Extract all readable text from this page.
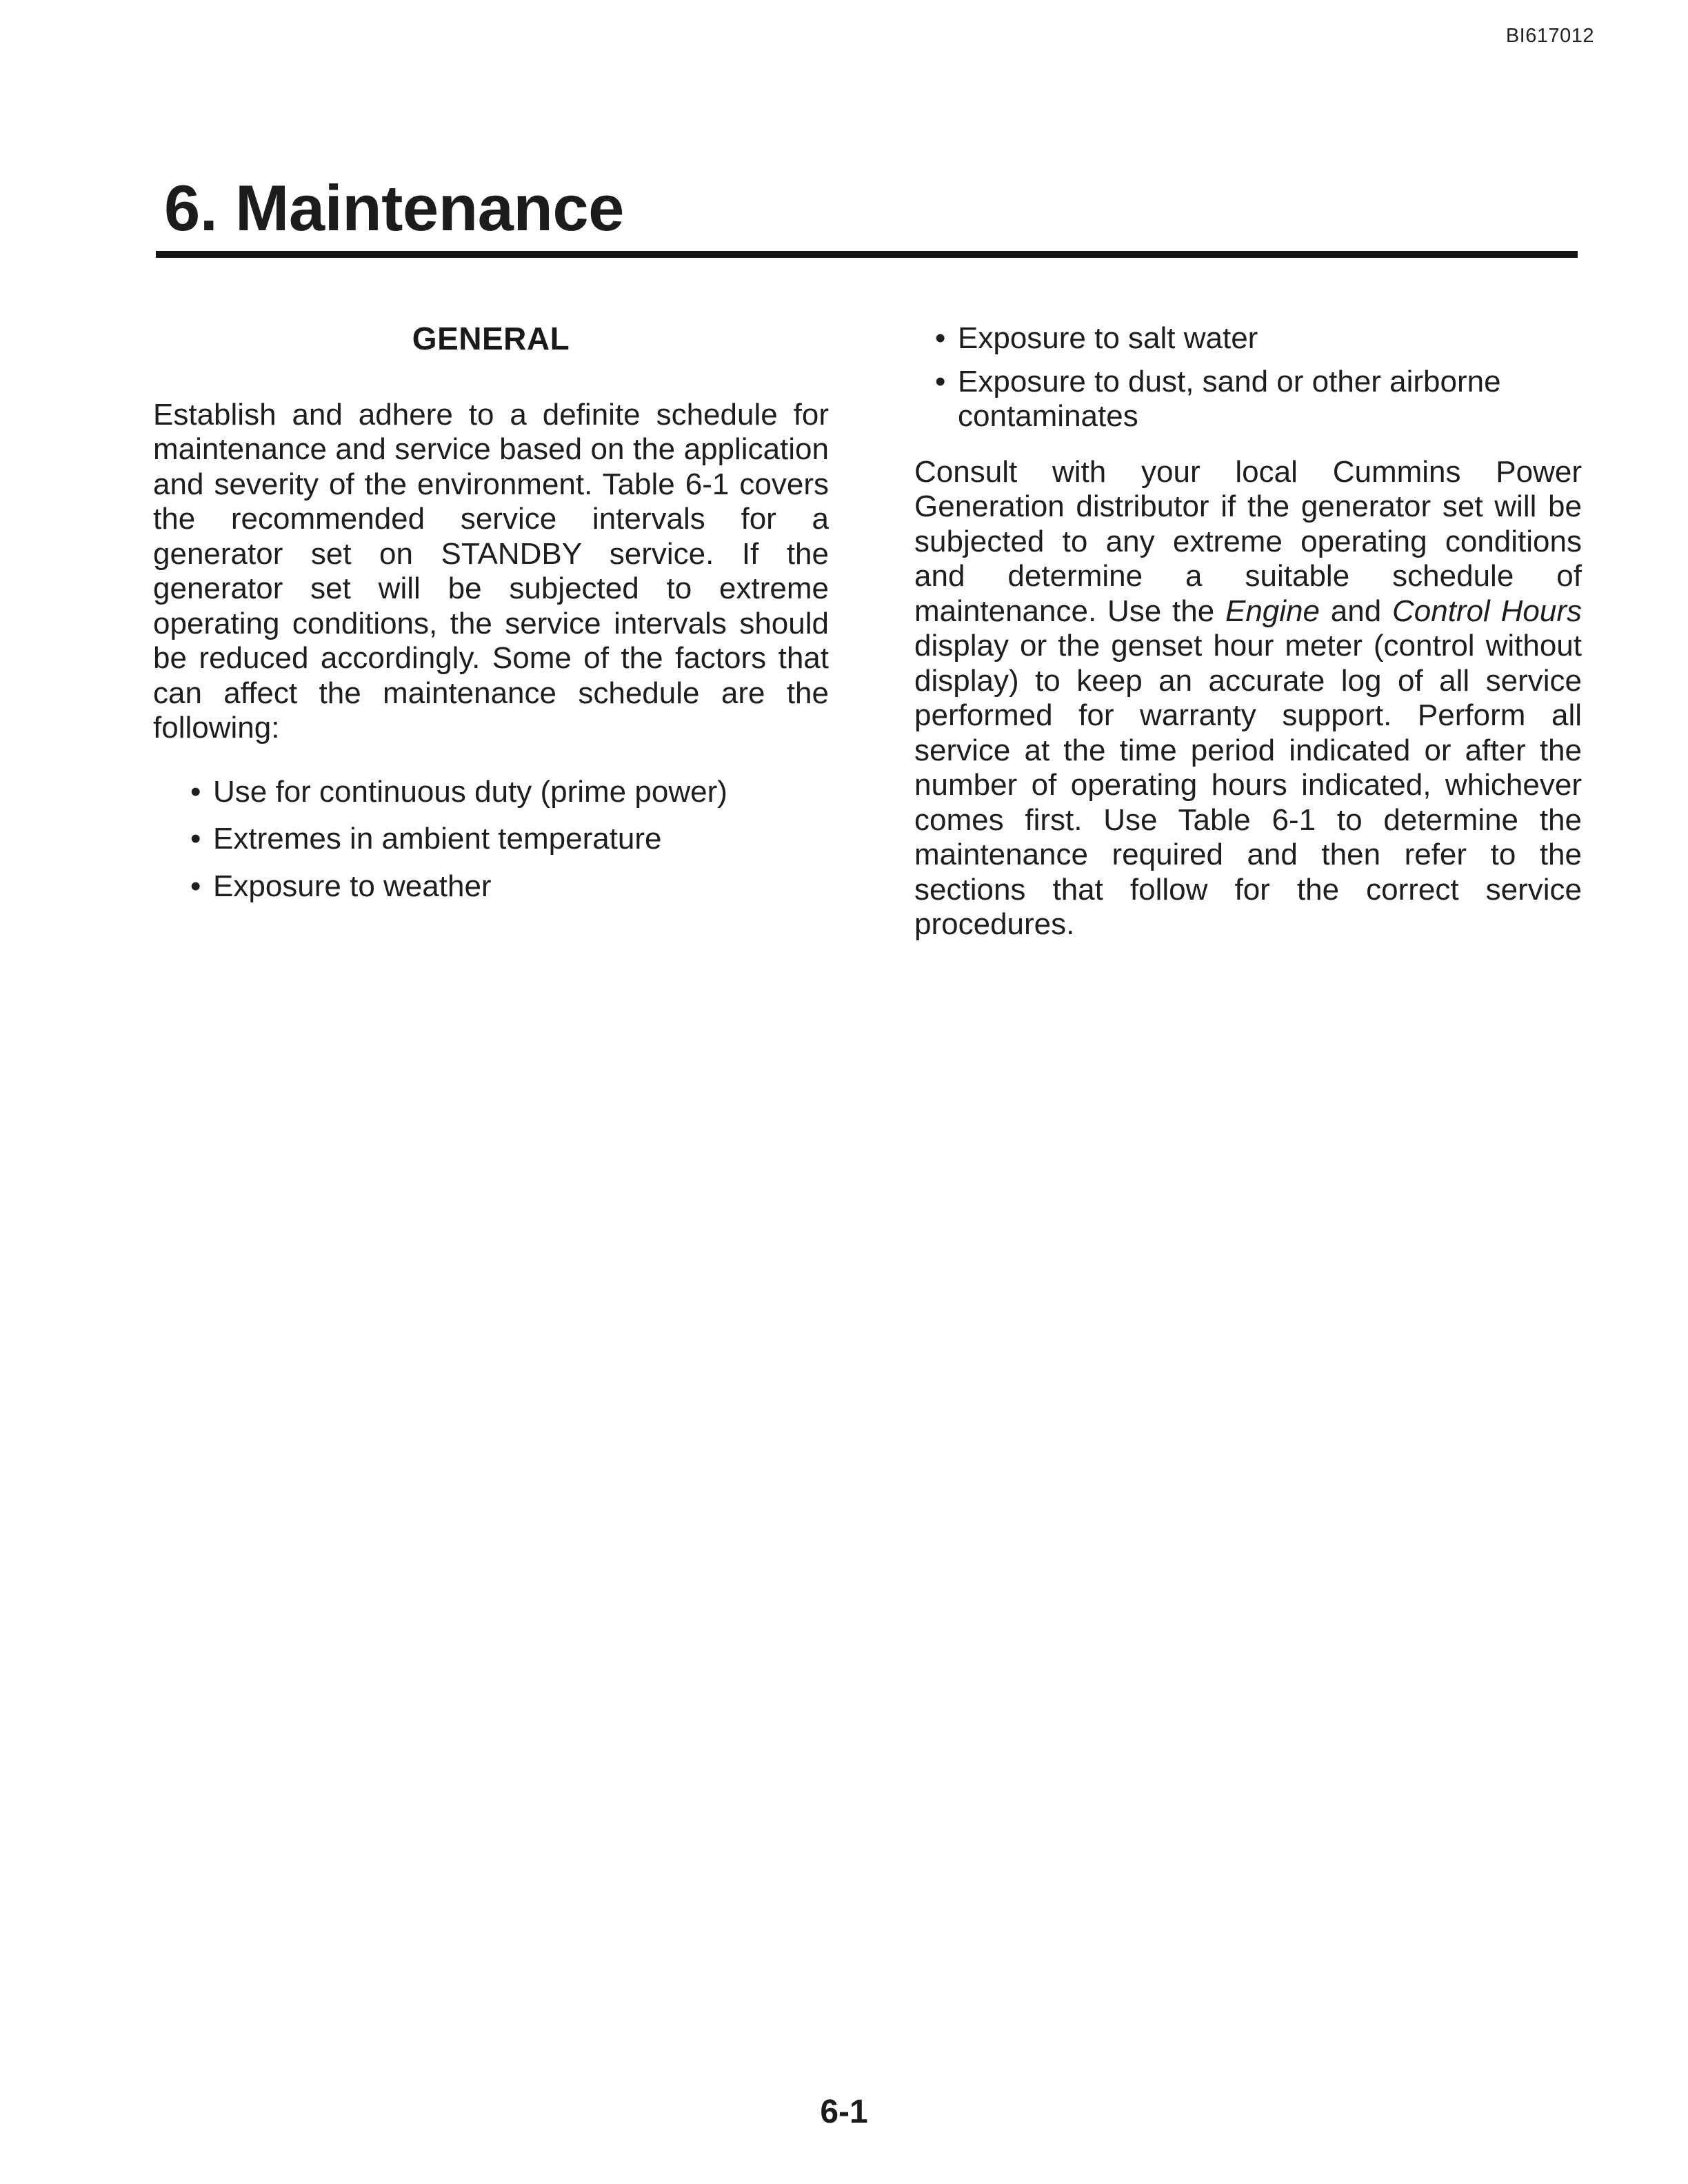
BI617012
6. Maintenance
GENERAL

Establish and adhere to a definite schedule for maintenance and service based on the application and severity of the environment. Table 6-1 covers the recommended service intervals for a generator set on STANDBY service. If the generator set will be subjected to extreme operating conditions, the service intervals should be reduced accordingly. Some of the factors that can affect the maintenance schedule are the following:

• Use for continuous duty (prime power)
• Extremes in ambient temperature
• Exposure to weather
• Exposure to salt water
• Exposure to dust, sand or other airborne contaminates

Consult with your local Cummins Power Generation distributor if the generator set will be subjected to any extreme operating conditions and determine a suitable schedule of maintenance. Use the Engine and Control Hours display or the genset hour meter (control without display) to keep an accurate log of all service performed for warranty support. Perform all service at the time period indicated or after the number of operating hours indicated, whichever comes first. Use Table 6-1 to determine the maintenance required and then refer to the sections that follow for the correct service procedures.

6-1
